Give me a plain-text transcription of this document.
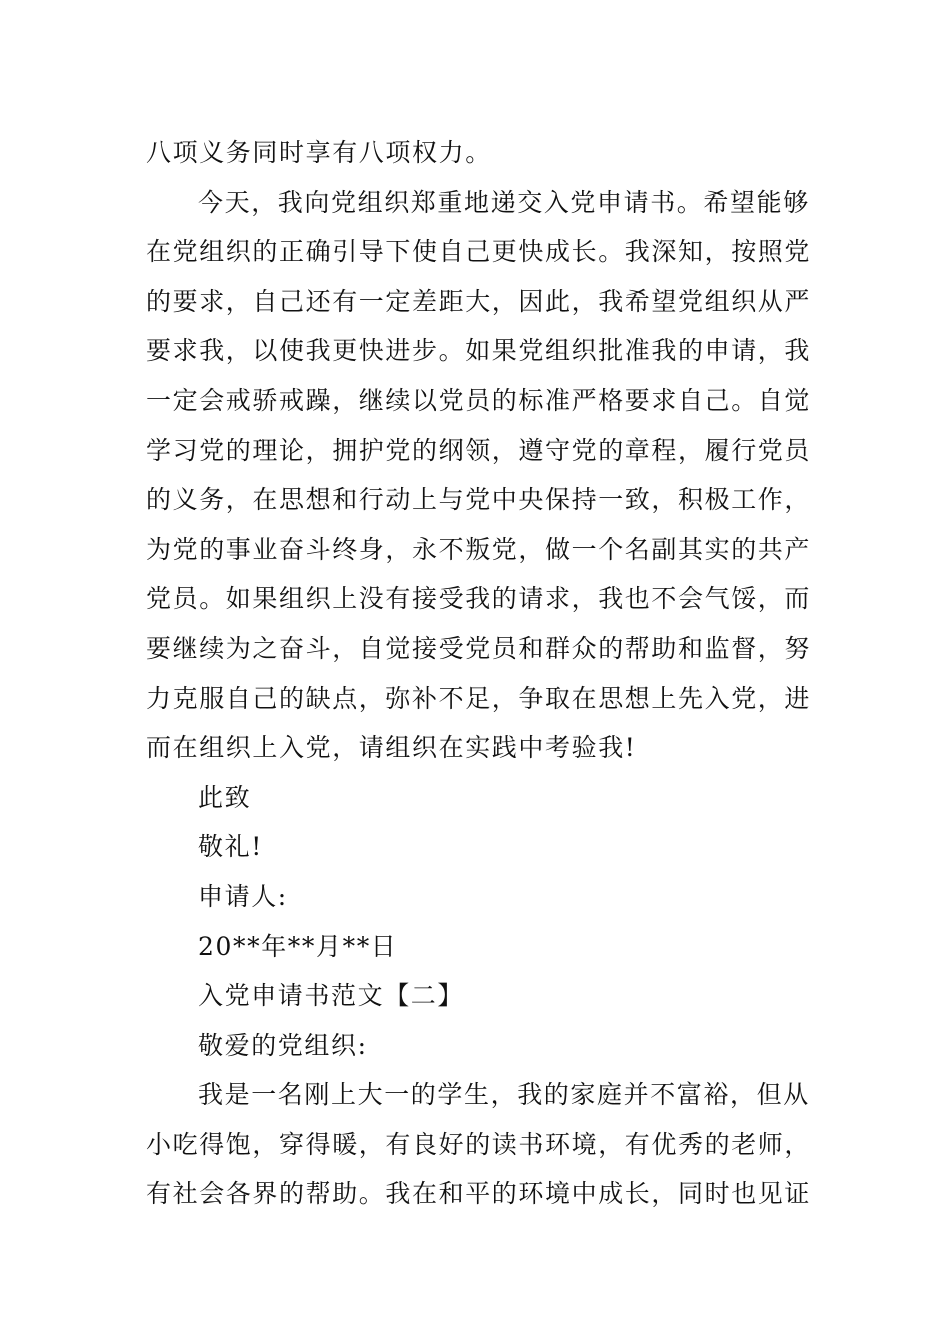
八项义务同时享有八项权力。
今天，我向党组织郑重地递交入党申请书。希望能够
在党组织的正确引导下使自己更快成长。我深知，按照党
的要求，自己还有一定差距大，因此，我希望党组织从严
要求我，以使我更快进步。如果党组织批准我的申请，我
一定会戒骄戒躁，继续以党员的标准严格要求自己。自觉
学习党的理论，拥护党的纲领，遵守党的章程，履行党员
的义务，在思想和行动上与党中央保持一致，积极工作，
为党的事业奋斗终身，永不叛党，做一个名副其实的共产
党员。如果组织上没有接受我的请求，我也不会气馁，而
要继续为之奋斗，自觉接受党员和群众的帮助和监督，努
力克服自己的缺点，弥补不足，争取在思想上先入党，进
而在组织上入党，请组织在实践中考验我!
此致
敬礼!
申请人:
20**年**月**日
入党申请书范文【二】
敬爱的党组织:
我是一名刚上大一的学生，我的家庭并不富裕，但从
小吃得饱，穿得暖，有良好的读书环境，有优秀的老师，
有社会各界的帮助。我在和平的环境中成长，同时也见证
